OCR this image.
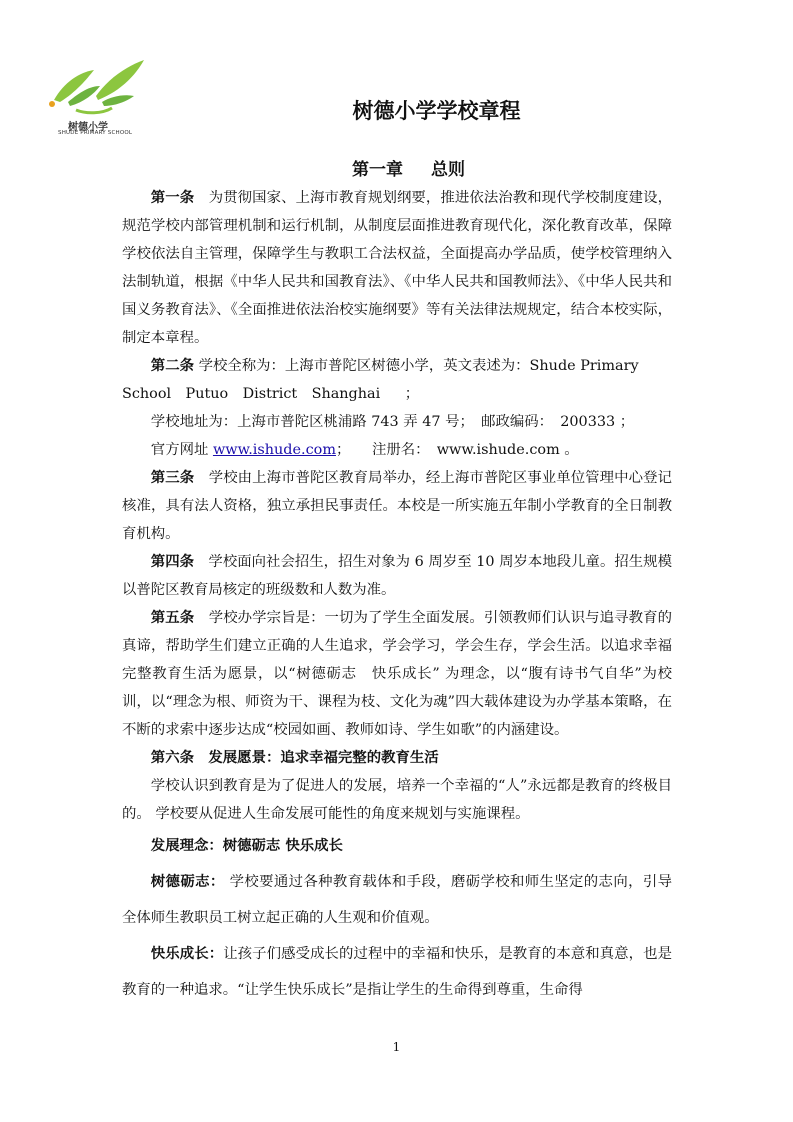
树德小学
SHUDE PRIMARY SCHOOL
树德小学学校章程
第一章 总则

第一条　 为贯彻国家、上海市教育规划纲要，推进依法治教和现代学校制度建设，规范学校内部管理机制和运行机制，从制度层面推进教育现代化，深化教育改革，保障学校依法自主管理，保障学生与教职工合法权益，全面提高办学品质，使学校管理纳入法制轨道，根据《中华人民共和国教育法》、《中华人民共和国教师法》、《中华人民共和国义务教育法》、《全面推进依法治校实施纲要》等有关法律法规规定，结合本校实际，制定本章程。

第二条 学校全称为：上海市普陀区树德小学，英文表述为：Shude Primary

School　Putuo　District　Shanghai ；

学校地址为：上海市普陀区桃浦路 743 弄 47 号；　邮政编码：　200333 ；

官方网址 www.ishude.com；　　注册名：　www.ishude.com 。

第三条　 学校由上海市普陀区教育局举办，经上海市普陀区事业单位管理中心登记核准，具有法人资格，独立承担民事责任。本校是一所实施五年制小学教育的全日制教育机构。

第四条　 学校面向社会招生，招生对象为 6 周岁至 10 周岁本地段儿童。招生规模以普陀区教育局核定的班级数和人数为准。

第五条　 学校办学宗旨是：一切为了学生全面发展。引领教师们认识与追寻教育的真谛，帮助学生们建立正确的人生追求，学会学习，学会生存，学会生活。以追求幸福完整教育生活为愿景，以“树德砺志　快乐成长” 为理念，以“腹有诗书气自华”为校训，以“理念为根、师资为干、课程为枝、文化为魂”四大载体建设为办学基本策略，在不断的求索中逐步达成“校园如画、教师如诗、学生如歌”的内涵建设。

第六条　 发展愿景：追求幸福完整的教育生活

学校认识到教育是为了促进人的发展，培养一个幸福的“人”永远都是教育的终极目的。 学校要从促进人生命发展可能性的角度来规划与实施课程。

发展理念：树德砺志 快乐成长

树德砺志： 学校要通过各种教育载体和手段，磨砺学校和师生坚定的志向，引导全体师生教职员工树立起正确的人生观和价值观。

快乐成长：让孩子们感受成长的过程中的幸福和快乐，是教育的本意和真意，也是教育的一种追求。“让学生快乐成长”是指让学生的生命得到尊重，生命得

1
